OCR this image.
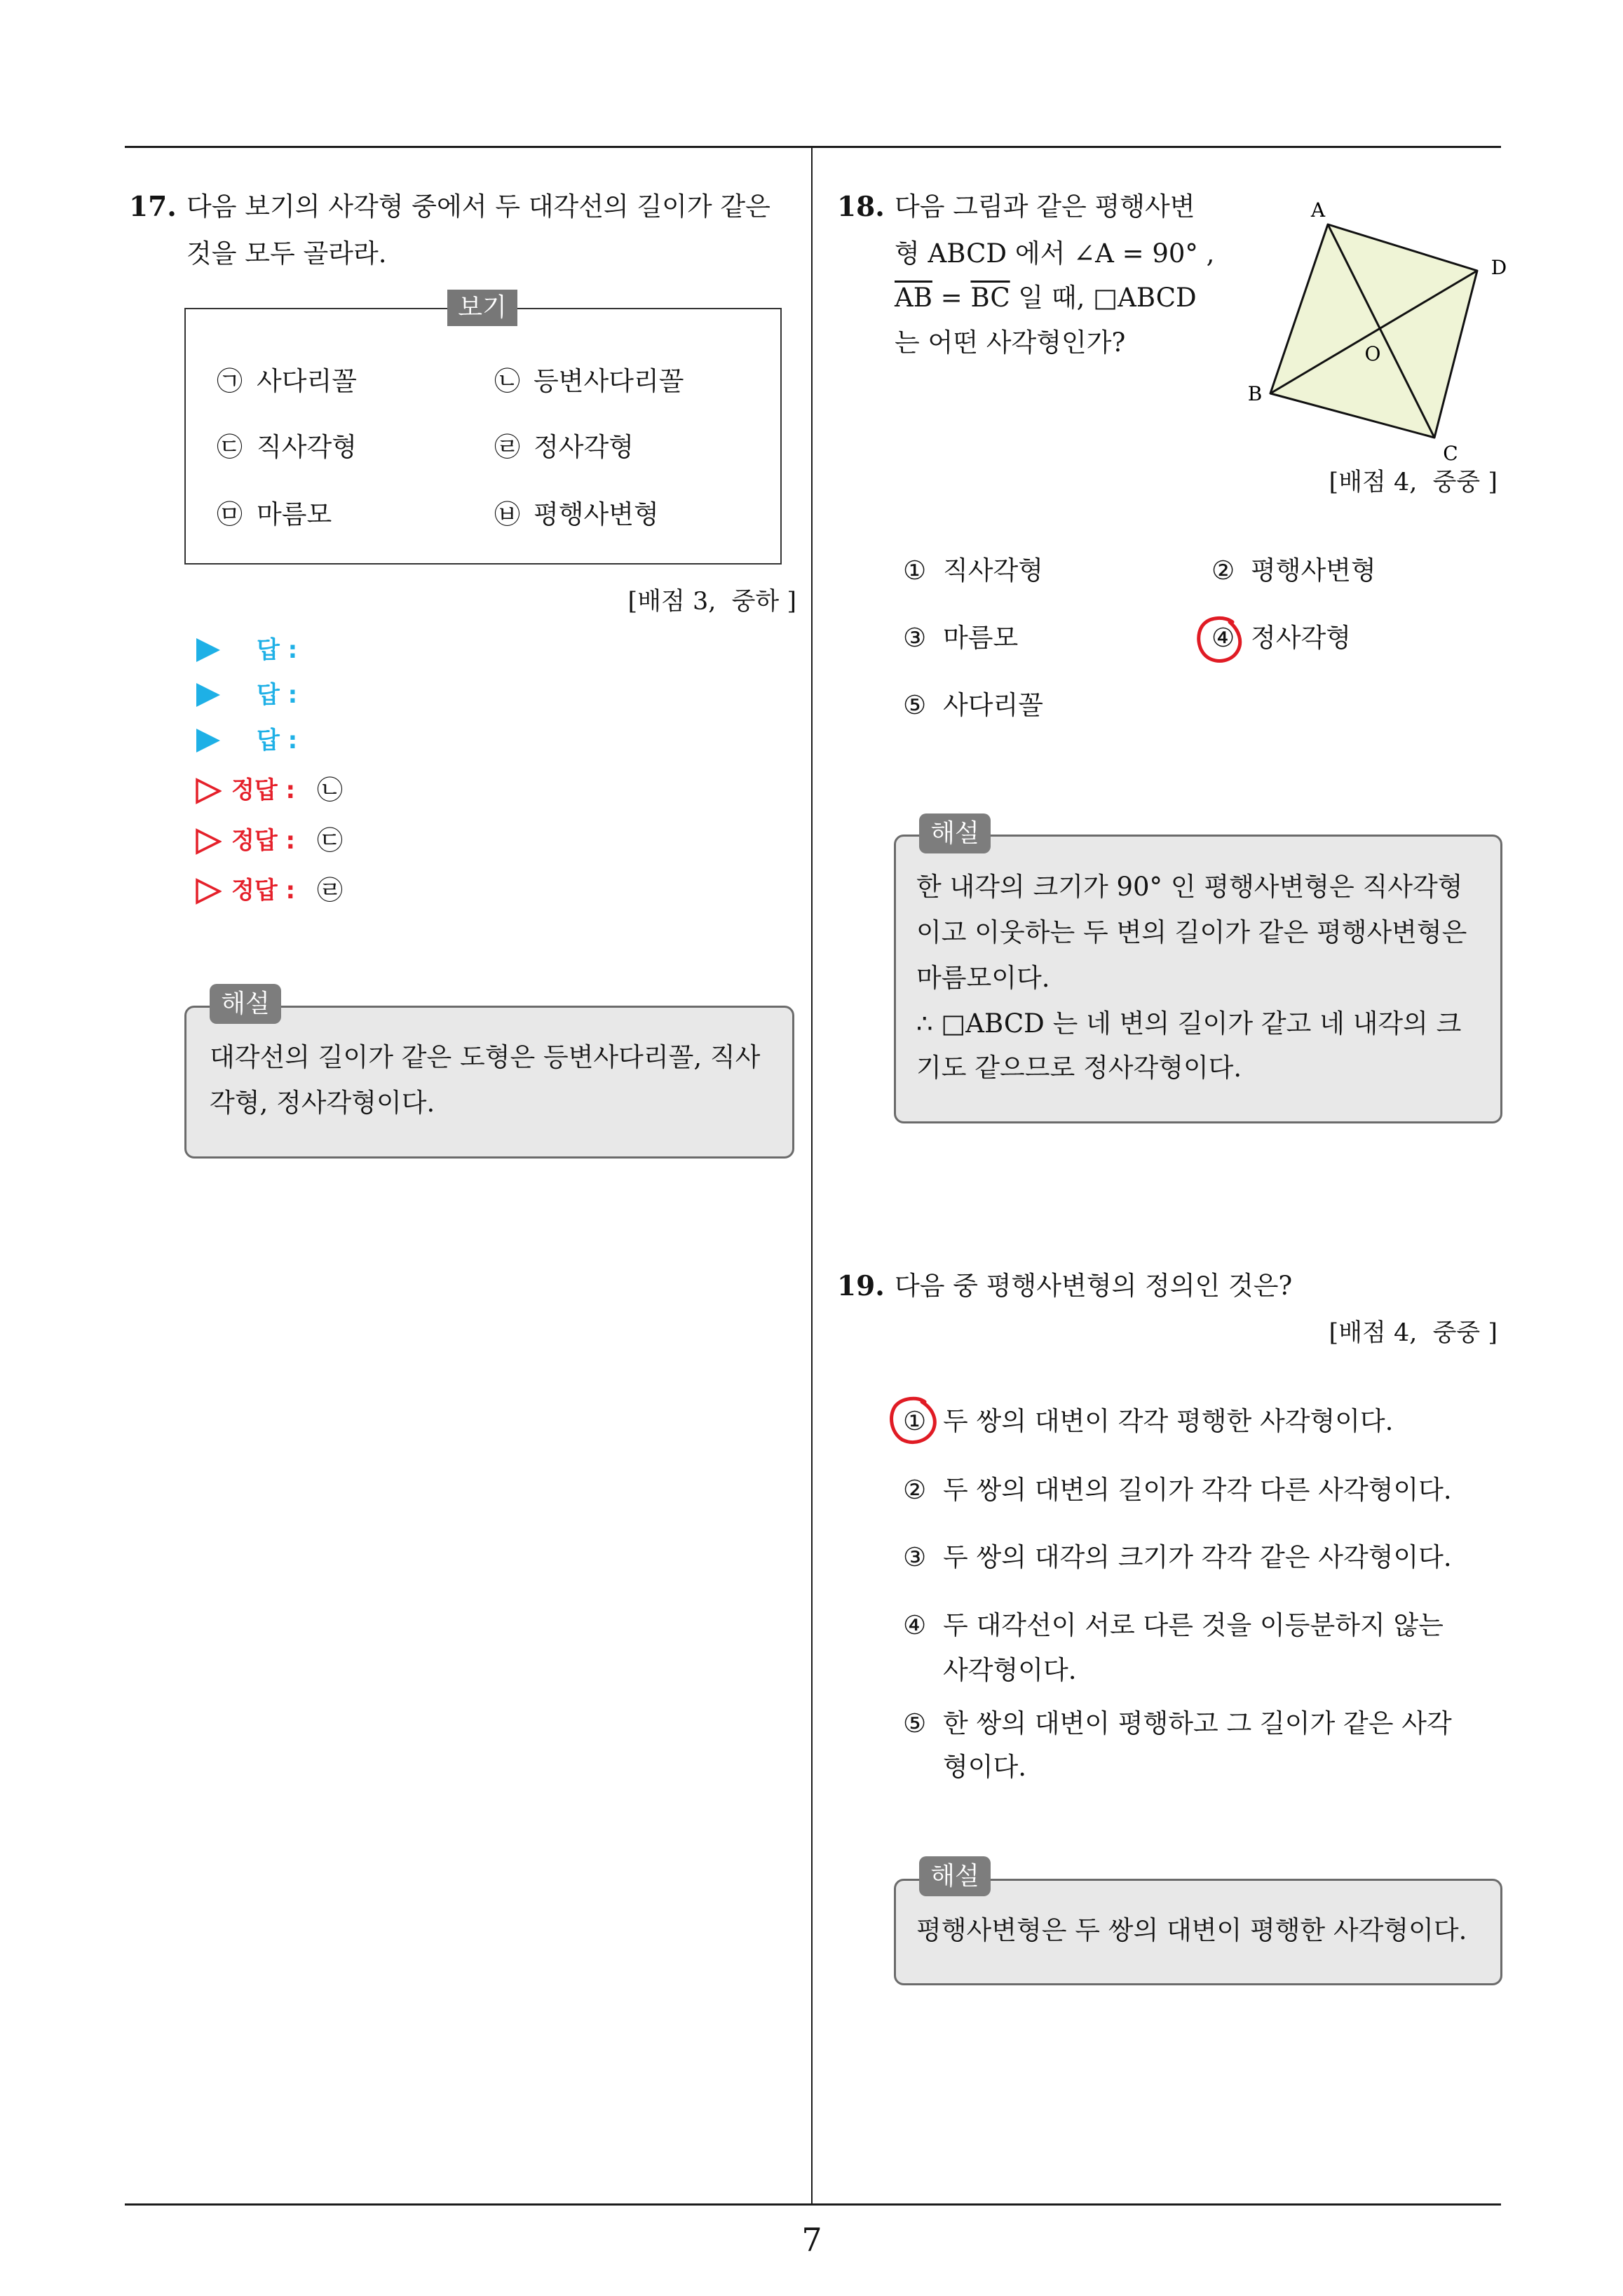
7
17. 다음 보기의 사각형 중에서 두 대각선의 길이가 같은
것을 모두 골라라.
보기
㉠ 사다리꼴	㉡ 등변사다리꼴
㉢ 직사각형	㉣ 정사각형
㉤ 마름모	㉥ 평행사변형
[배점 3,  중하 ]
답 :
답 :
답 :
정답 : ㉡
정답 : ㉢
정답 : ㉣
해설
대각선의 길이가 같은 도형은 등변사다리꼴, 직사
각형, 정사각형이다.
18. 다음 그림과 같은 평행사변
형 ABCD 에서 ∠A = 90° ,
$\overline{AB} = \overline{BC}$ 일 때, □ABCD
는 어떤 사각형인가?
A
D
B
C
O
[배점 4,  중중 ]
① 직사각형	② 평행사변형
③ 마름모	④ 정사각형
⑤ 사다리꼴
해설
한 내각의 크기가 90° 인 평행사변형은 직사각형
이고 이웃하는 두 변의 길이가 같은 평행사변형은
마름모이다.
∴ □ABCD 는 네 변의 길이가 같고 네 내각의 크
기도 같으므로 정사각형이다.
19. 다음 중 평행사변형의 정의인 것은?
[배점 4,  중중 ]
① 두 쌍의 대변이 각각 평행한 사각형이다.
② 두 쌍의 대변의 길이가 각각 다른 사각형이다.
③ 두 쌍의 대각의 크기가 각각 같은 사각형이다.
④ 두 대각선이 서로 다른 것을 이등분하지 않는
사각형이다.
⑤ 한 쌍의 대변이 평행하고 그 길이가 같은 사각
형이다.
해설
평행사변형은 두 쌍의 대변이 평행한 사각형이다.
